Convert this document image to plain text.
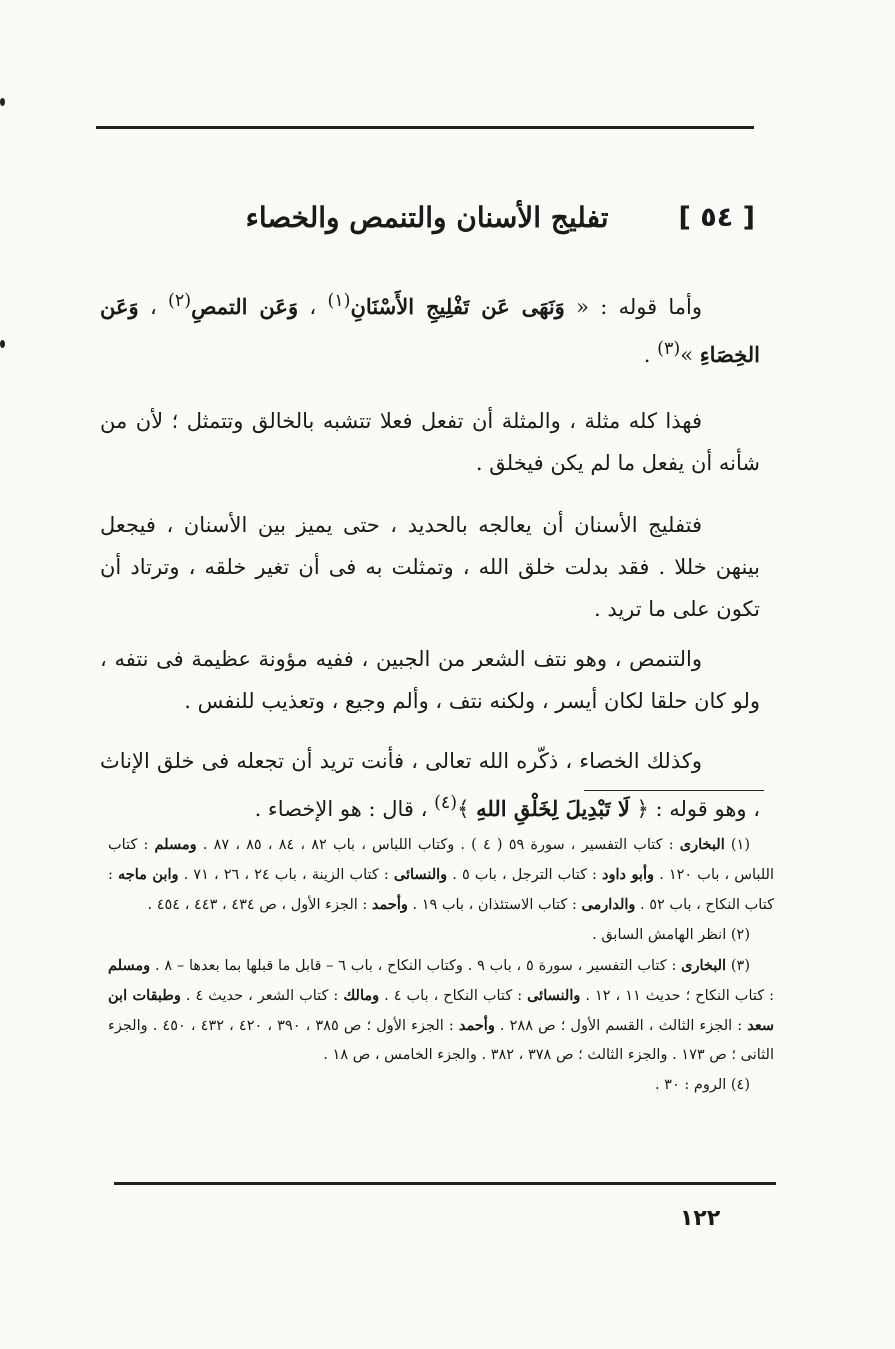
[ ٥٤ ]
تفليج الأسنان والتنمص والخصاء

وأما قوله : « وَنَهَى عَن تَفْلِيجِ الأَسْنَانِ$^{(١)}$ ، وَعَن التمصِ$^{(٢)}$ ، وَعَن الخِصَاءِ »$^{(٣)}$ .

فهذا كله مثلة ، والمثلة أن تفعل فعلا تتشبه بالخالق وتتمثل ؛ لأن من شأنه أن يفعل ما لم يكن فيخلق .

فتفليج الأسنان أن يعالجه بالحديد ، حتى يميز بين الأسنان ، فيجعل بينهن خللا . فقد بدلت خلق الله ، وتمثلت به فى أن تغير خلقه ، وترتاد أن تكون على ما تريد .

والتنمص ، وهو نتف الشعر من الجبين ، ففيه مؤونة عظيمة فى نتفه ، ولو كان حلقا لكان أيسر ، ولكنه نتف ، وألم وجيع ، وتعذيب للنفس .

وكذلك الخصاء ، ذكّره الله تعالى ، فأنت تريد أن تجعله فى خلق الإناث ، وهو قوله : ﴿ لَا تَبْدِيلَ لِخَلْقِ اللهِ ﴾$^{(٤)}$ ، قال : هو الإخصاء .

(١) البخارى : كتاب التفسير ، سورة ٥٩ ( ٤ ) . وكتاب اللباس ، باب ٨٢ ، ٨٤ ، ٨٥ ، ٨٧ . ومسلم : كتاب اللباس ، باب ١٢٠ . وأبو داود : كتاب الترجل ، باب ٥ . والنسائى : كتاب الزينة ، باب ٢٤ ، ٢٦ ، ٧١ . وابن ماجه : كتاب النكاح ، باب ٥٢ . والدارمى : كتاب الاستئذان ، باب ١٩ . وأحمد : الجزء الأول ، ص ٤٣٤ ، ٤٤٣ ، ٤٥٤ .

(٢) انظر الهامش السابق .

(٣) البخارى : كتاب التفسير ، سورة ٥ ، باب ٩ . وكتاب النكاح ، باب ٦ – قابل ما قبلها بما بعدها – ٨ . ومسلم : كتاب النكاح ؛ حديث ١١ ، ١٢ . والنسائى : كتاب النكاح ، باب ٤ . ومالك : كتاب الشعر ، حديث ٤ . وطبقات ابن سعد : الجزء الثالث ، القسم الأول ؛ ص ٢٨٨ . وأحمد : الجزء الأول ؛ ص ٣٨٥ ، ٣٩٠ ، ٤٢٠ ، ٤٣٢ ، ٤٥٠ . والجزء الثانى ؛ ص ١٧٣ . والجزء الثالث ؛ ص ٣٧٨ ، ٣٨٢ . والجزء الخامس ، ص ١٨ .

(٤) الروم : ٣٠ .

١٢٢
